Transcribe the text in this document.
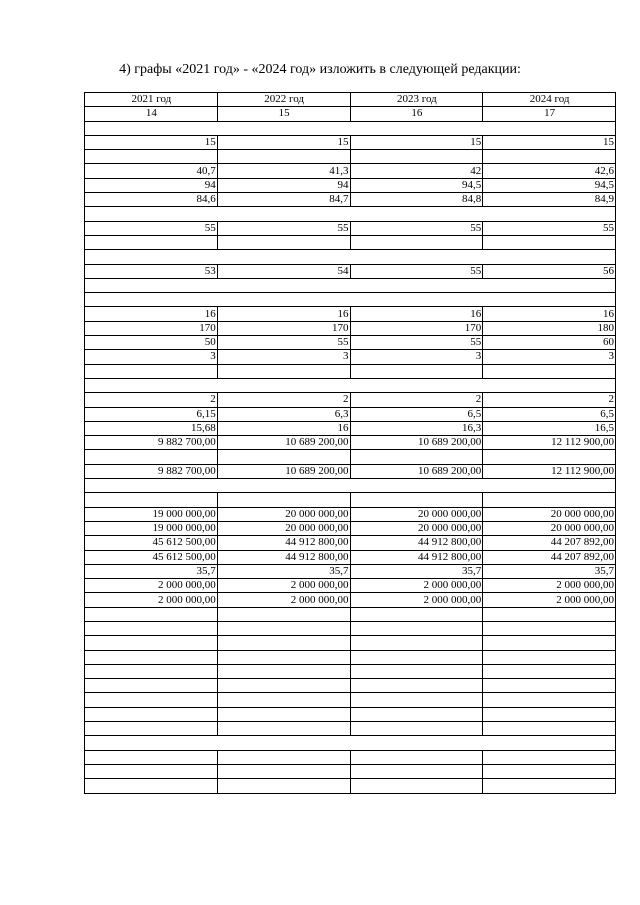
4) графы «2021 год» - «2024 год» изложить в следующей редакции:
2021 год	2022 год	2023 год	2024 год
14	15	16	17

15	15	15	15

40,7	41,3	42	42,6
94	94	94,5	94,5
84,6	84,7	84,8	84,9

55	55	55	55

53	54	55	56

16	16	16	16
170	170	170	180
50	55	55	60
3	3	3	3

2	2	2	2
6,15	6,3	6,5	6,5
15,68	16	16,3	16,5
9 882 700,00	10 689 200,00	10 689 200,00	12 112 900,00

9 882 700,00	10 689 200,00	10 689 200,00	12 112 900,00

19 000 000,00	20 000 000,00	20 000 000,00	20 000 000,00
19 000 000,00	20 000 000,00	20 000 000,00	20 000 000,00
45 612 500,00	44 912 800,00	44 912 800,00	44 207 892,00
45 612 500,00	44 912 800,00	44 912 800,00	44 207 892,00
35,7	35,7	35,7	35,7
2 000 000,00	2 000 000,00	2 000 000,00	2 000 000,00
2 000 000,00	2 000 000,00	2 000 000,00	2 000 000,00
